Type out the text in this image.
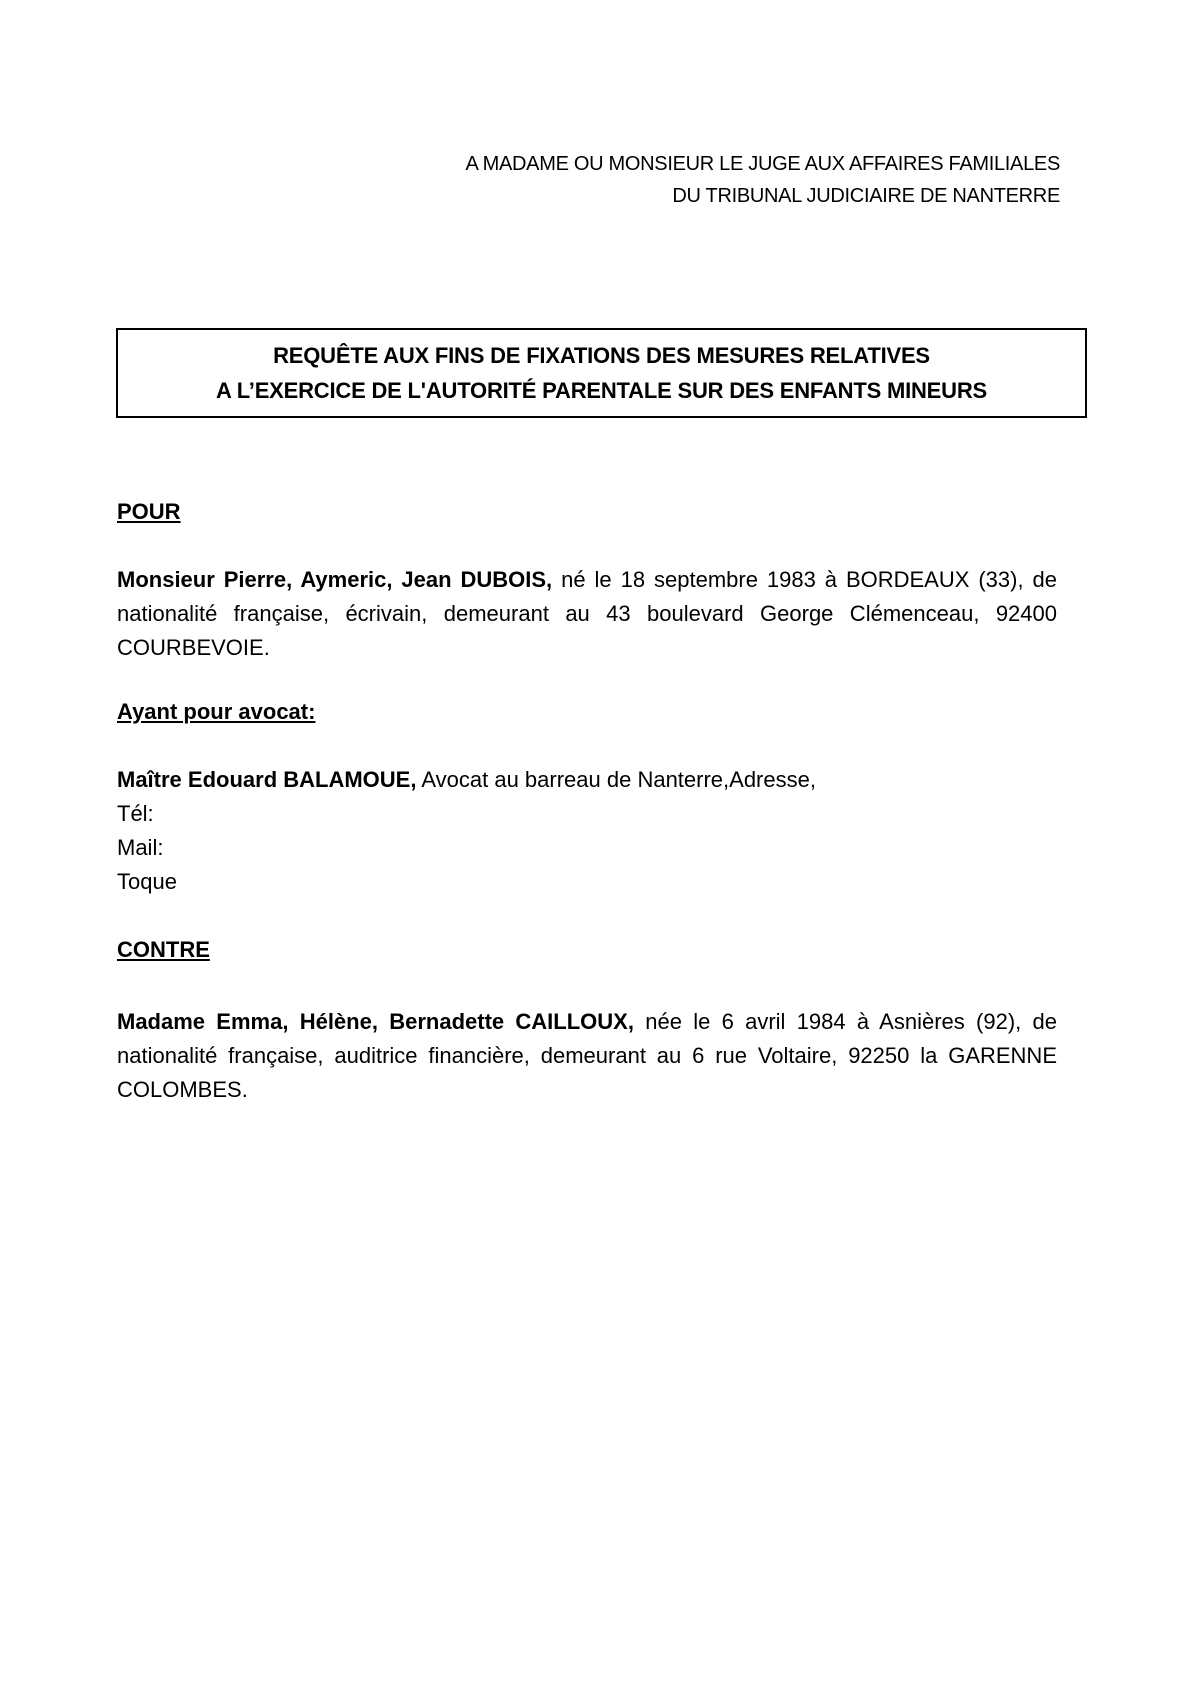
A MADAME OU MONSIEUR LE JUGE AUX AFFAIRES FAMILIALES
DU TRIBUNAL JUDICIAIRE DE NANTERRE
REQUÊTE AUX FINS DE FIXATIONS DES MESURES RELATIVES
A L’EXERCICE DE L'AUTORITÉ PARENTALE SUR DES ENFANTS MINEURS
POUR
Monsieur Pierre, Aymeric, Jean DUBOIS, né le 18 septembre 1983 à BORDEAUX (33), de nationalité française, écrivain, demeurant au 43 boulevard George Clémenceau, 92400 COURBEVOIE.
Ayant pour avocat:
Maître Edouard BALAMOUE, Avocat au barreau de Nanterre,Adresse,
Tél:
Mail:
Toque
CONTRE
Madame Emma, Hélène, Bernadette CAILLOUX, née le 6 avril 1984 à Asnières (92), de nationalité française, auditrice financière, demeurant au 6 rue Voltaire, 92250 la GARENNE COLOMBES.
